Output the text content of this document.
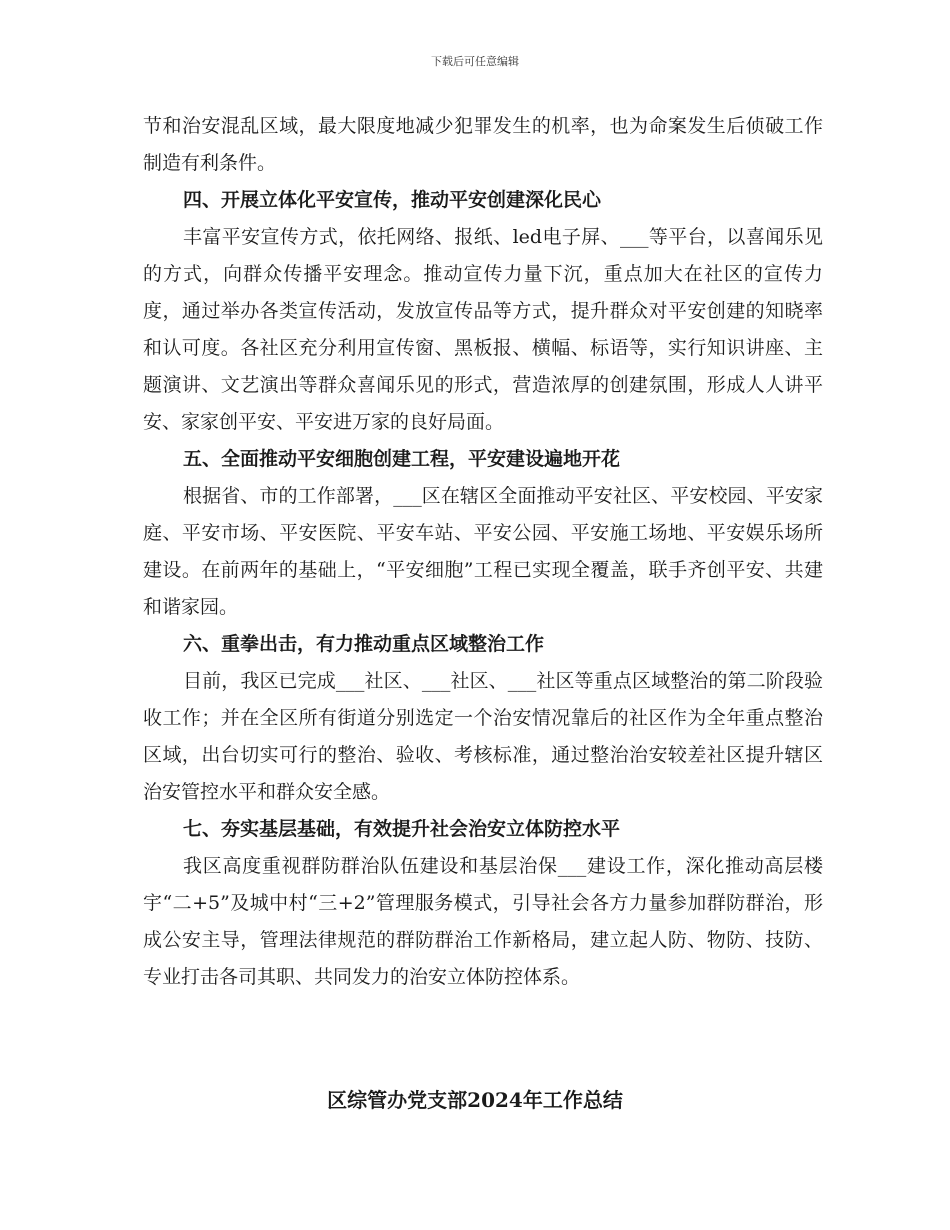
下载后可任意编辑

节和治安混乱区域，最大限度地减少犯罪发生的机率，也为命案发生后侦破工作制造有利条件。

四、开展立体化平安宣传，推动平安创建深化民心

丰富平安宣传方式，依托网络、报纸、led电子屏、___等平台，以喜闻乐见的方式，向群众传播平安理念。推动宣传力量下沉，重点加大在社区的宣传力度，通过举办各类宣传活动，发放宣传品等方式，提升群众对平安创建的知晓率和认可度。各社区充分利用宣传窗、黑板报、横幅、标语等，实行知识讲座、主题演讲、文艺演出等群众喜闻乐见的形式，营造浓厚的创建氛围，形成人人讲平安、家家创平安、平安进万家的良好局面。

五、全面推动平安细胞创建工程，平安建设遍地开花

根据省、市的工作部署，___区在辖区全面推动平安社区、平安校园、平安家庭、平安市场、平安医院、平安车站、平安公园、平安施工场地、平安娱乐场所建设。在前两年的基础上，“平安细胞”工程已实现全覆盖，联手齐创平安、共建和谐家园。

六、重拳出击，有力推动重点区域整治工作

目前，我区已完成___社区、___社区、___社区等重点区域整治的第二阶段验收工作；并在全区所有街道分别选定一个治安情况靠后的社区作为全年重点整治区域，出台切实可行的整治、验收、考核标准，通过整治治安较差社区提升辖区治安管控水平和群众安全感。

七、夯实基层基础，有效提升社会治安立体防控水平

我区高度重视群防群治队伍建设和基层治保___建设工作，深化推动高层楼宇“二+5”及城中村“三+2”管理服务模式，引导社会各方力量参加群防群治，形成公安主导，管理法律规范的群防群治工作新格局，建立起人防、物防、技防、专业打击各司其职、共同发力的治安立体防控体系。

区综管办党支部2024年工作总结
